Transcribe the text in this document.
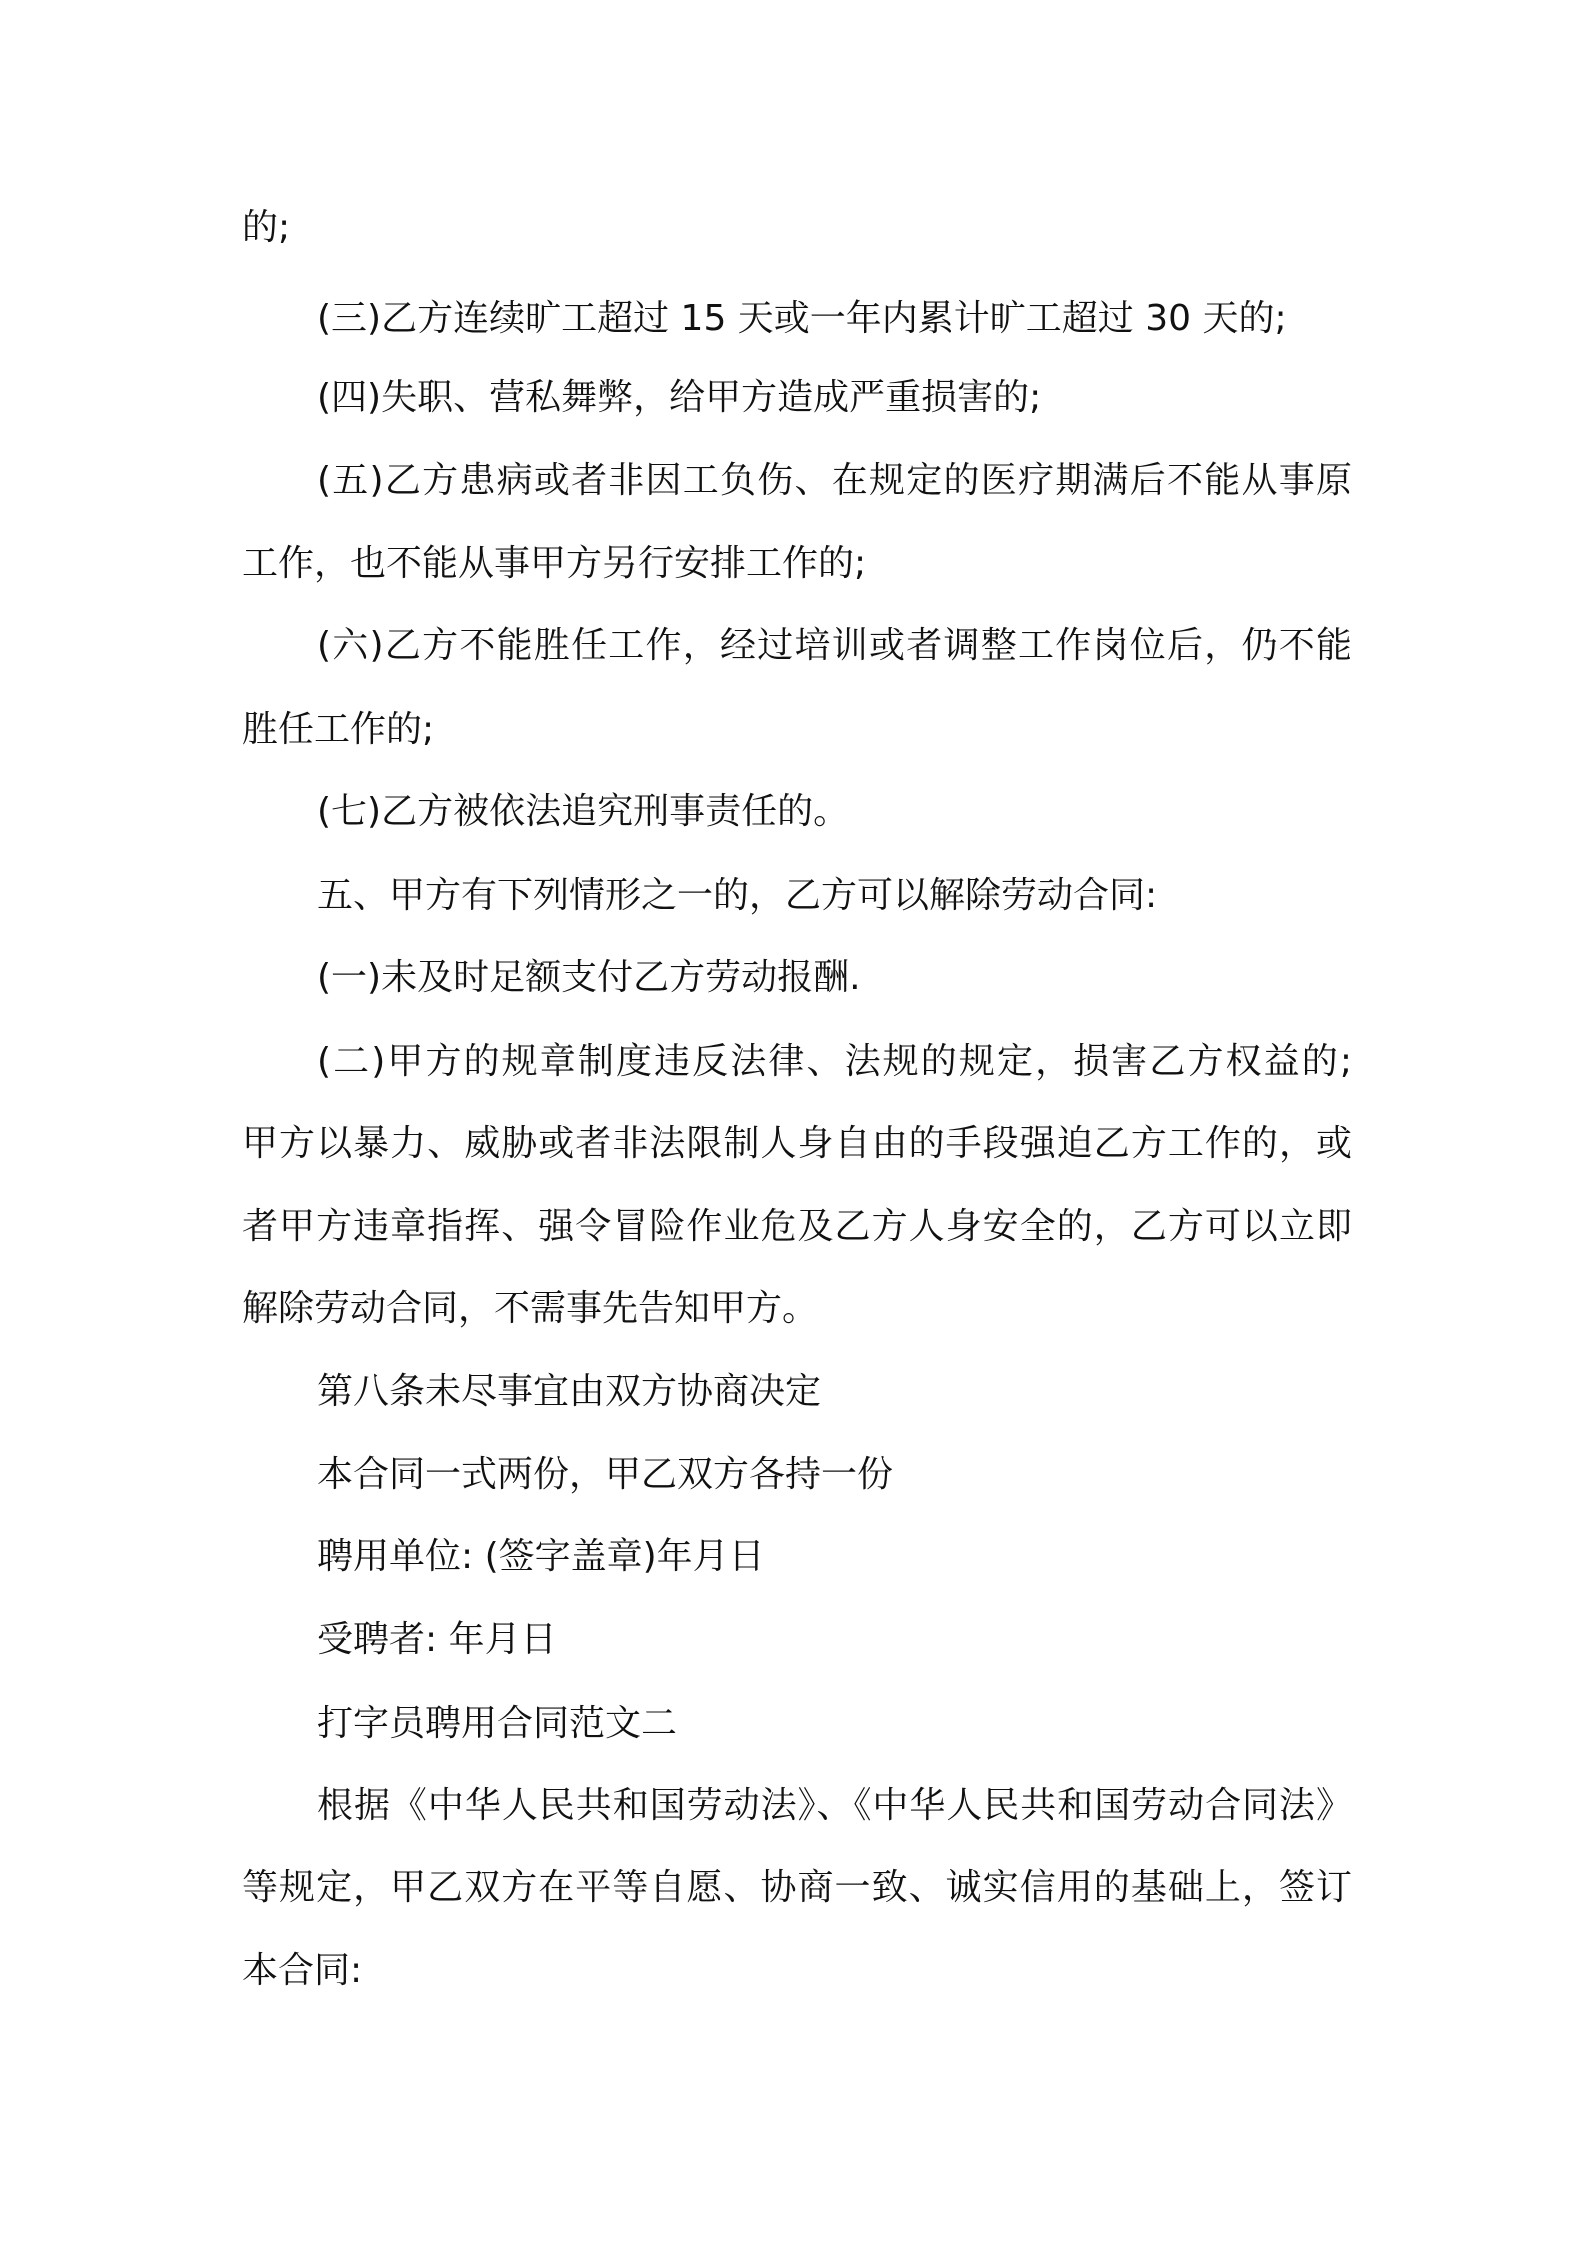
的;
(三)乙方连续旷工超过 15 天或一年内累计旷工超过 30 天的;
(四)失职、营私舞弊，给甲方造成严重损害的;
(五)乙方患病或者非因工负伤、在规定的医疗期满后不能从事原
工作，也不能从事甲方另行安排工作的;
(六)乙方不能胜任工作，经过培训或者调整工作岗位后，仍不能
胜任工作的;
(七)乙方被依法追究刑事责任的。
五、甲方有下列情形之一的，乙方可以解除劳动合同:
(一)未及时足额支付乙方劳动报酬.
(二)甲方的规章制度违反法律、法规的规定，损害乙方权益的;
甲方以暴力、威胁或者非法限制人身自由的手段强迫乙方工作的，或
者甲方违章指挥、强令冒险作业危及乙方人身安全的，乙方可以立即
解除劳动合同，不需事先告知甲方。
第八条未尽事宜由双方协商决定
本合同一式两份，甲乙双方各持一份
聘用单位: (签字盖章)年月日
受聘者: 年月日
打字员聘用合同范文二
根据《中华人民共和国劳动法》、《中华人民共和国劳动合同法》
等规定，甲乙双方在平等自愿、协商一致、诚实信用的基础上，签订
本合同:
